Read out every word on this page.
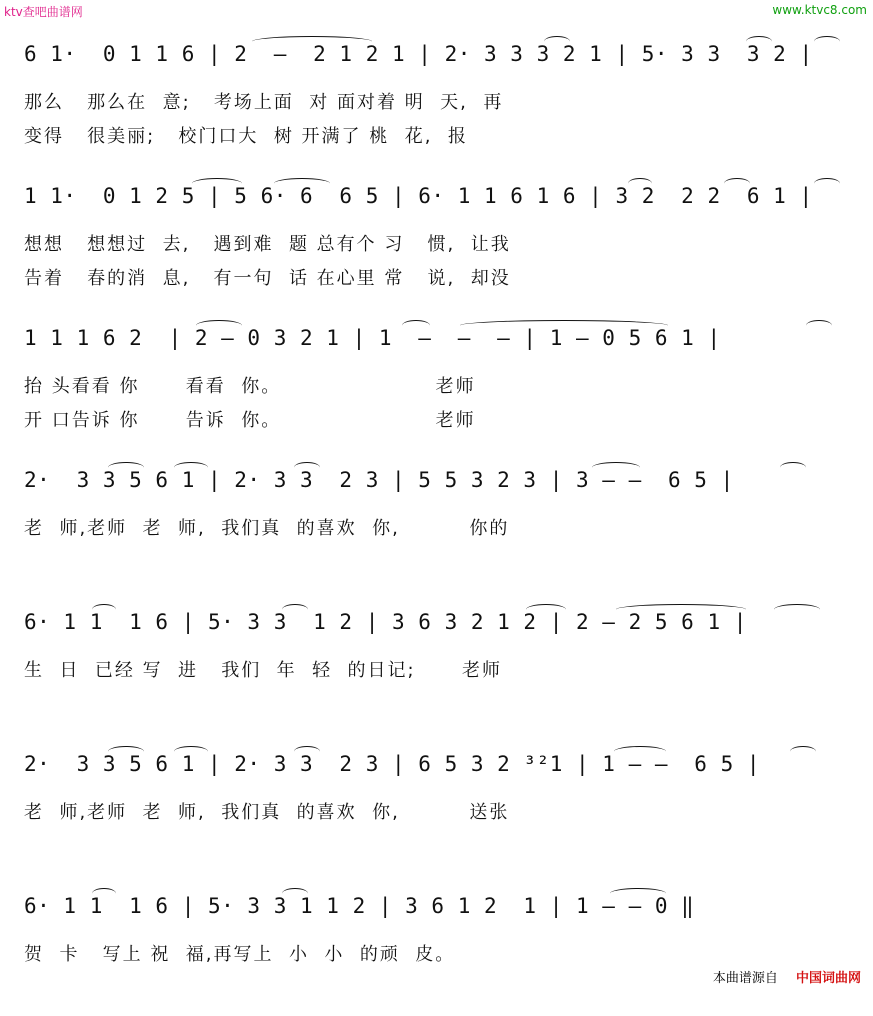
ktv查吧曲谱网	www.ktvc8.com
6 1·  0 1 1 6 | 2  –  2 1 2 1 | 2· 3 3 3 2 1 | 5· 3 3  3 2 |
那么   那么在  意;   考场上面  对 面对着 明  天,  再
变得   很美丽;   校门口大  树 开满了 桃  花,  报
1 1·  0 1 2 5 | 5 6· 6  6 5 | 6· 1 1 6 1 6 | 3 2  2 2  6 1 |
想想   想想过  去,   遇到难  题 总有个 习   惯,  让我
告着   春的消  息,   有一句  话 在心里 常   说,  却没
1 1 1 6 2  | 2 – 0 3 2 1 | 1  –  –  – | 1 – 0 5 6 1 |
抬 头看看 你      看看  你。                    老师
开 口告诉 你      告诉  你。                    老师
2·  3 3 5 6 1 | 2· 3 3  2 3 | 5 5 3 2 3 | 3 – –  6 5 |
老  师,老师  老  师,  我们真  的喜欢  你,         你的
6· 1 1  1 6 | 5· 3 3  1 2 | 3 6 3 2 1 2 | 2 – 2 5 6 1 |
生  日  已经 写  进   我们  年  轻  的日记;      老师
2·  3 3 5 6 1 | 2· 3 3  2 3 | 6 5 3 2 ³²1 | 1 – –  6 5 |
老  师,老师  老  师,  我们真  的喜欢  你,         送张
6· 1 1  1 6 | 5· 3 3 1 1 2 | 3 6 1 2  1 | 1 – – 0 ‖
贺  卡   写上 祝  福,再写上  小  小  的顽  皮。
本曲谱源自 中国词曲网
